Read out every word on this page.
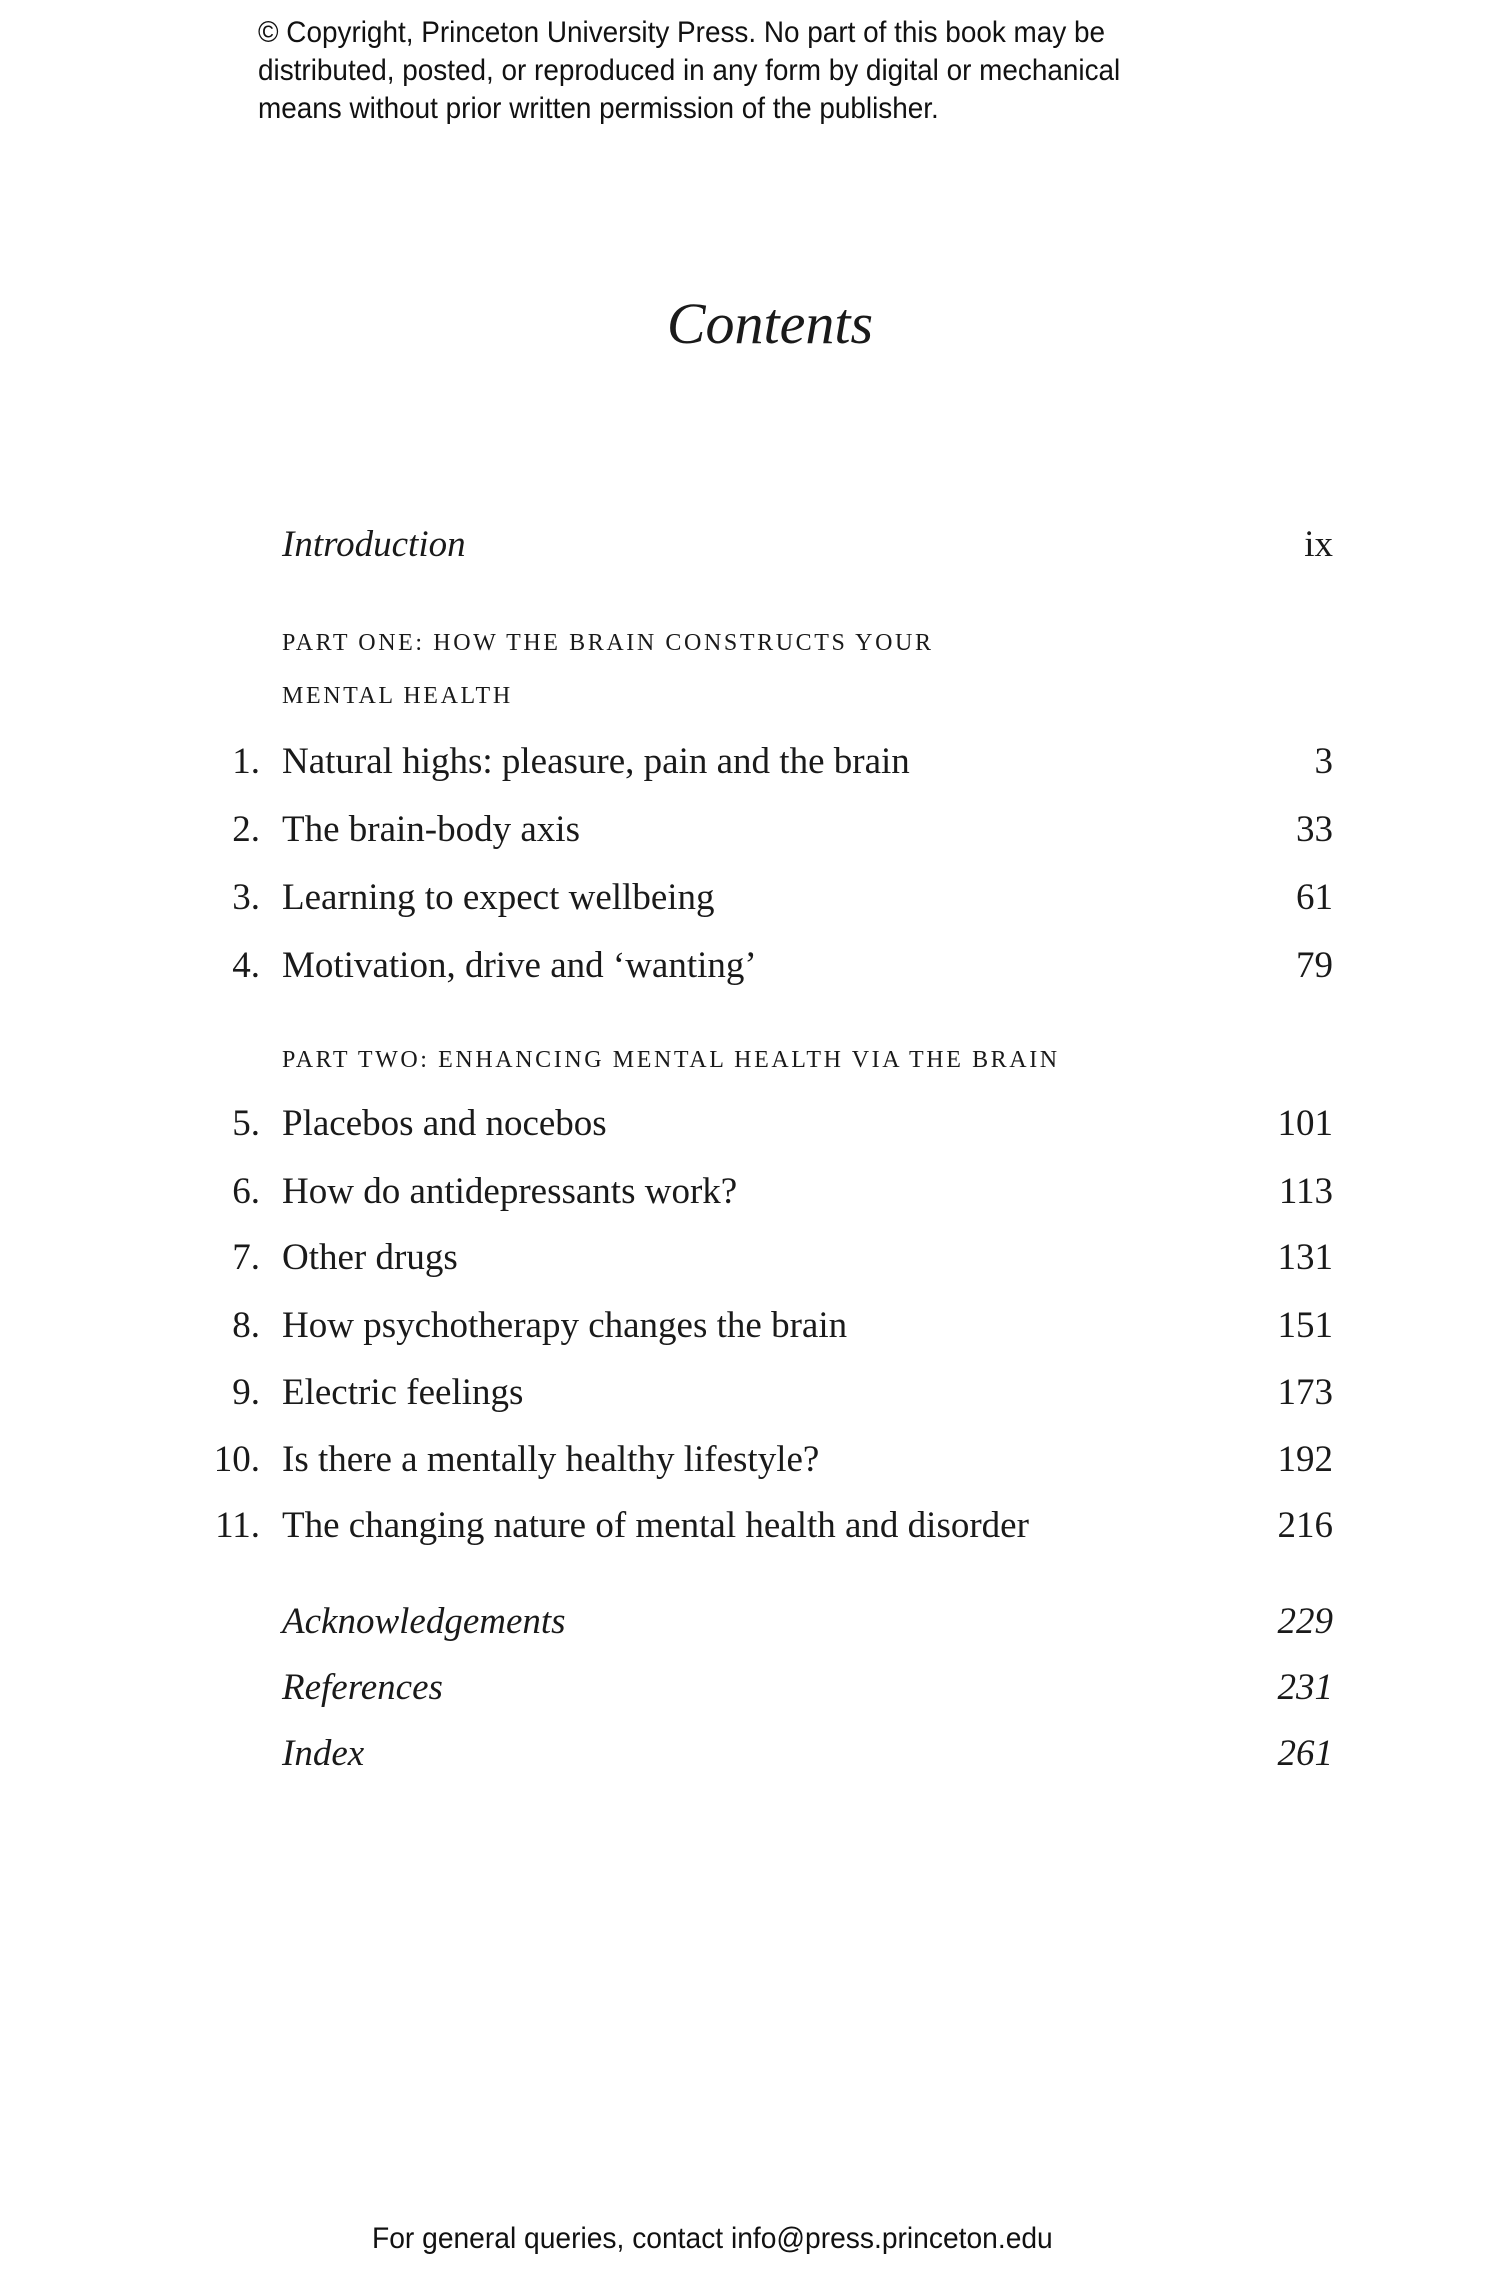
© Copyright, Princeton University Press. No part of this book may be
distributed, posted, or reproduced in any form by digital or mechanical
means without prior written permission of the publisher.
Contents
Introduction	ix
PART ONE: HOW THE BRAIN CONSTRUCTS YOUR
MENTAL HEALTH
1. Natural highs: pleasure, pain and the brain	3
2. The brain-body axis	33
3. Learning to expect wellbeing	61
4. Motivation, drive and ‘wanting’	79
PART TWO: ENHANCING MENTAL HEALTH VIA THE BRAIN
5. Placebos and nocebos	101
6. How do antidepressants work?	113
7. Other drugs	131
8. How psychotherapy changes the brain	151
9. Electric feelings	173
10. Is there a mentally healthy lifestyle?	192
11. The changing nature of mental health and disorder	216
Acknowledgements	229
References	231
Index	261
For general queries, contact info@press.princeton.edu
